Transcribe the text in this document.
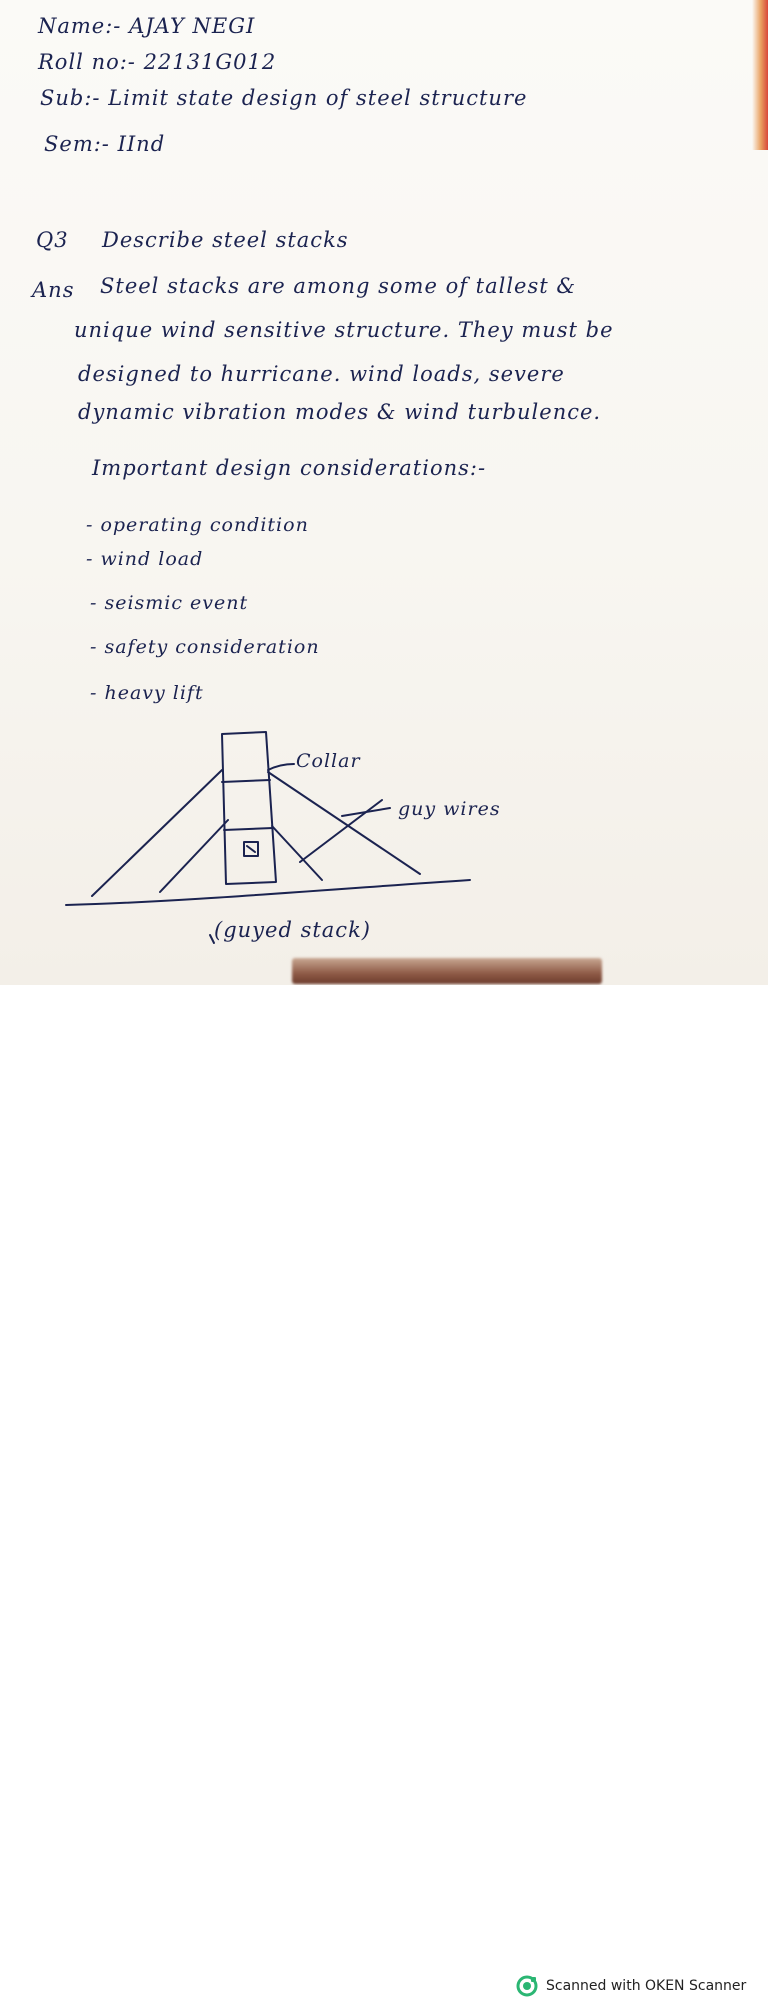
Name:- AJAY NEGI
Roll no:- 22131G012
Sub:- Limit state design of steel structure
Sem:- IInd
Q3 Describe steel stacks
Ans Steel stacks are among some of tallest &
unique wind sensitive structure. They must be
designed to hurricane. wind loads, severe
dynamic vibration modes & wind turbulence.
Important design considerations:-
- operating condition
- wind load
- seismic event
- safety consideration
- heavy lift
Collar
guy wires
(guyed stack)
Scanned with OKEN Scanner
